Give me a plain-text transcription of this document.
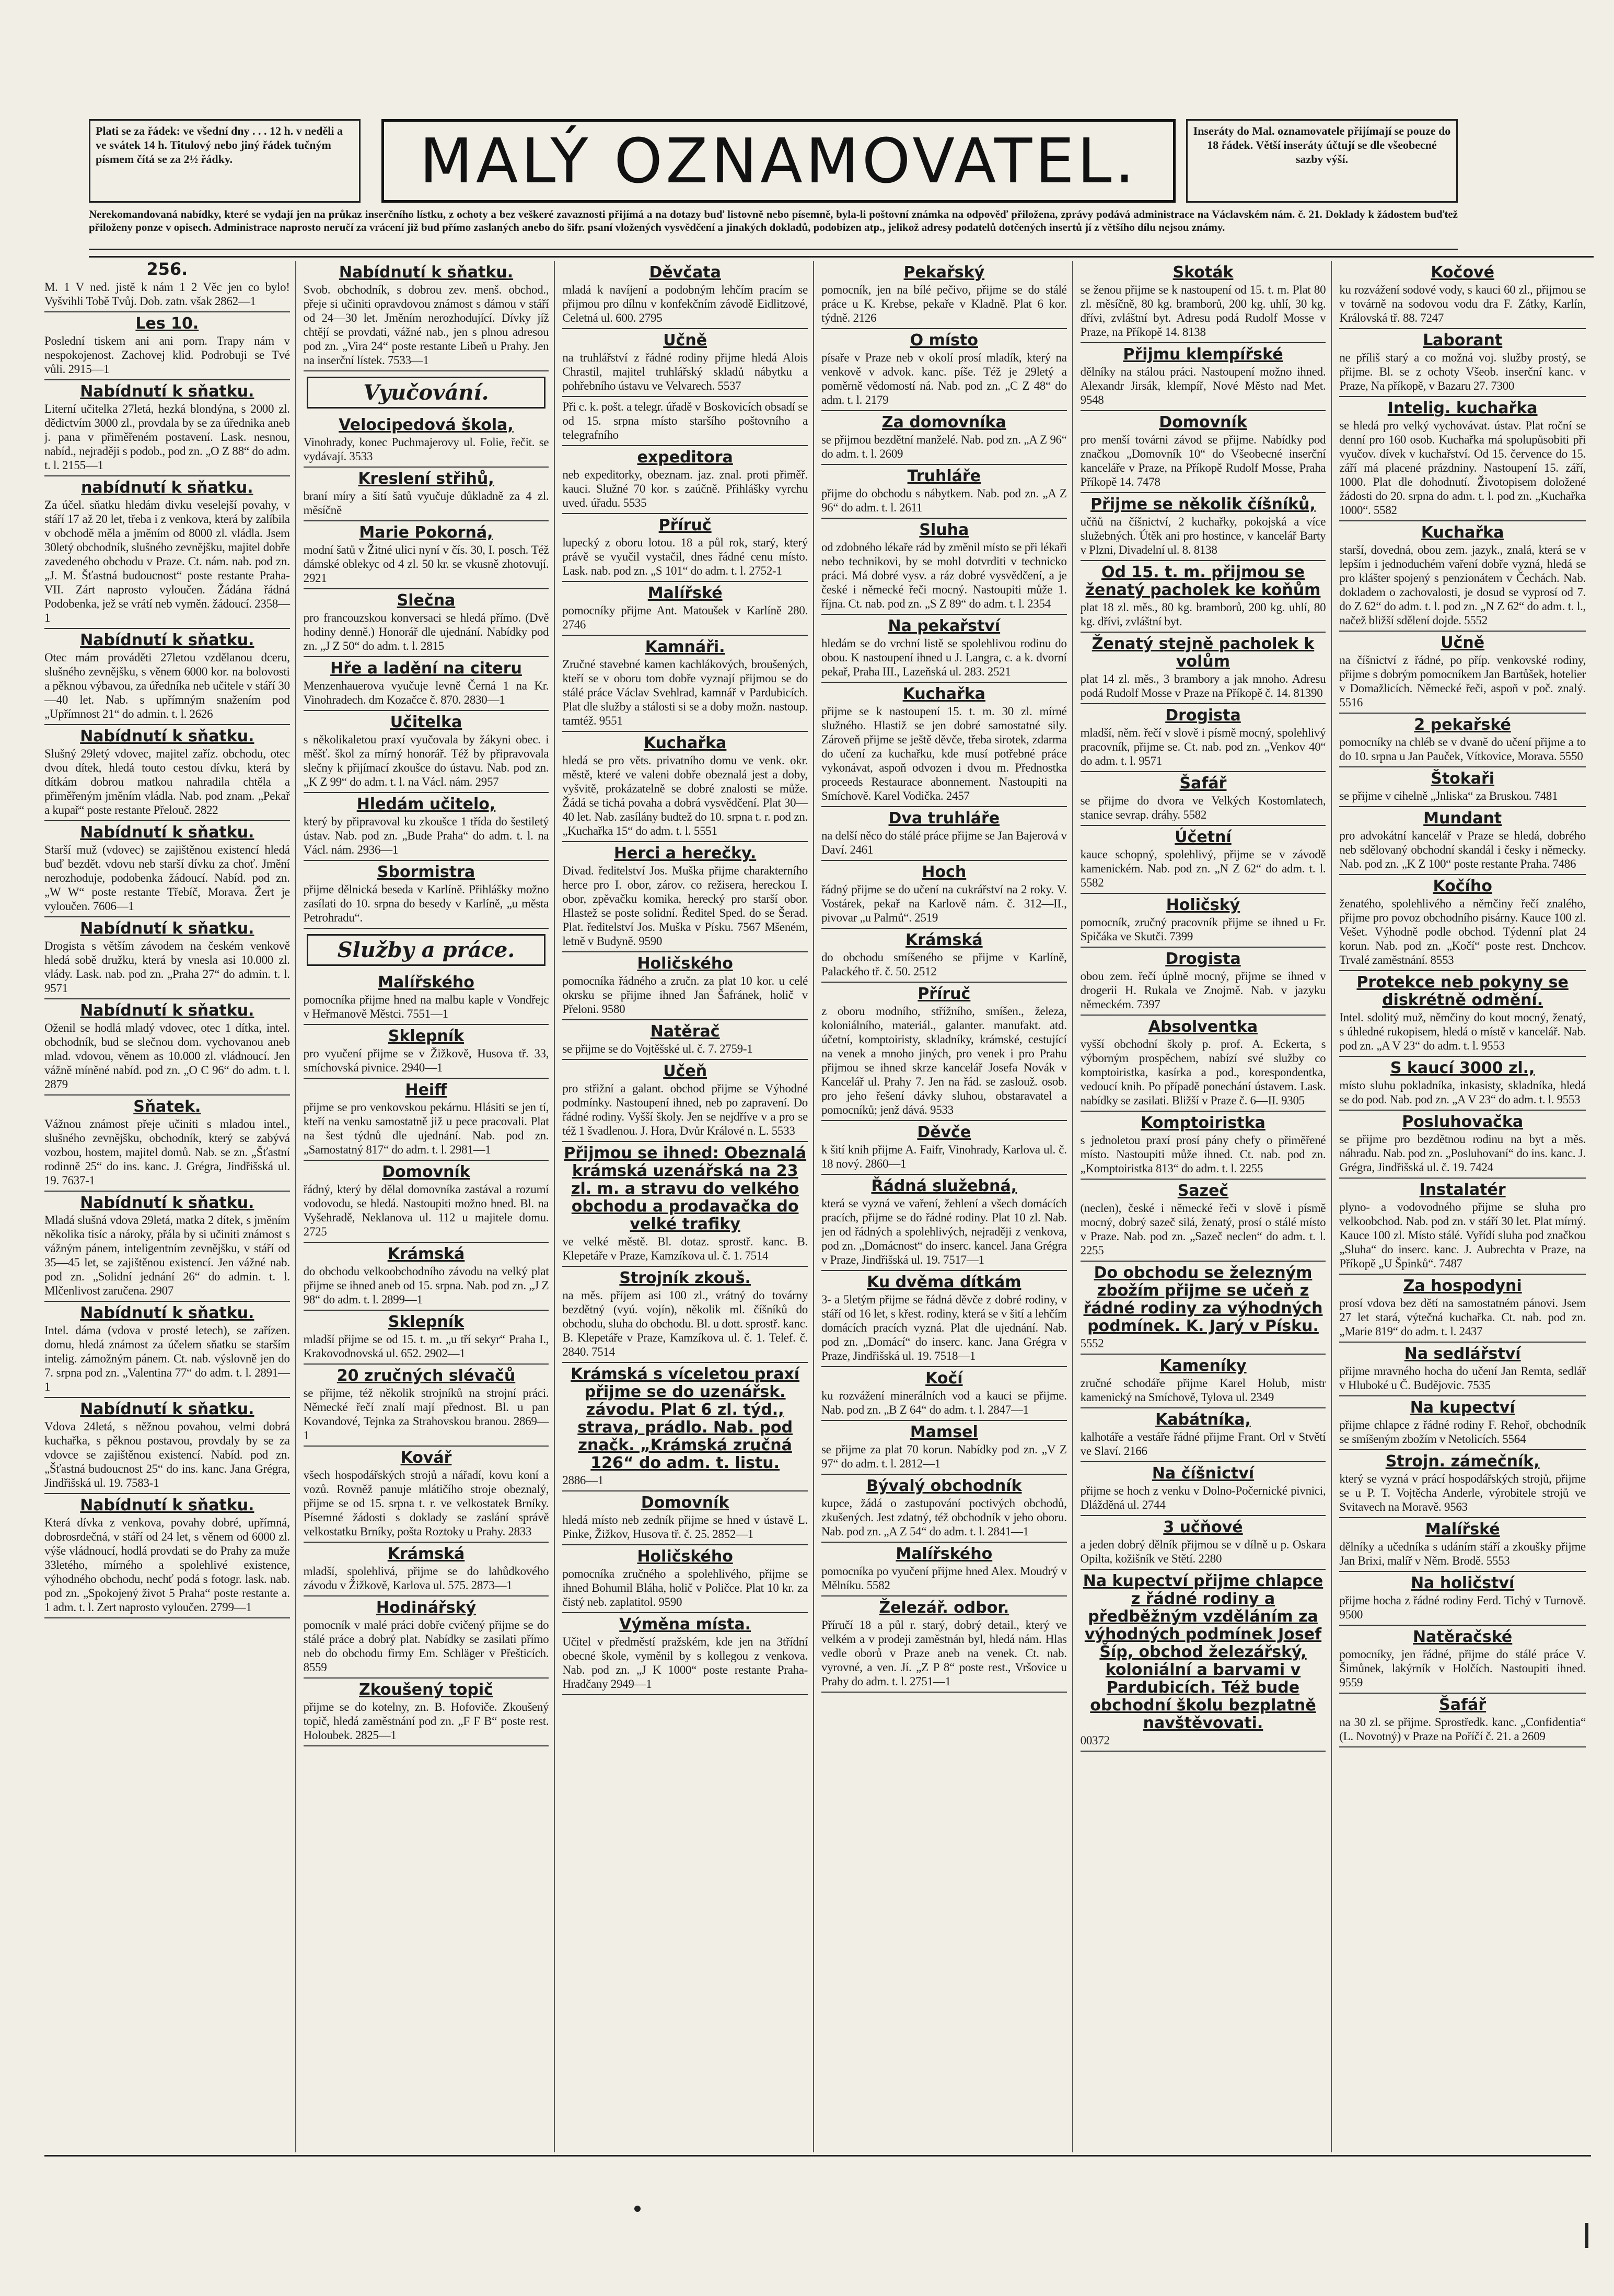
Plati se za řádek: ve všední dny . . . 12 h. v neděli a ve svátek 14 h. Titulový nebo jiný řádek tučným písmem čítá se za 2½ řádky.	MALÝ OZNAMOVATEL.	Inseráty do Mal. oznamovatele přijímají se pouze do 18 řádek. Větší inseráty účtují se dle všeobecné sazby výší.
Nerekomandovaná nabídky, které se vydají jen na průkaz inserčního lístku, z ochoty a bez veškeré zavaznosti přijímá a na dotazy buď listovně nebo písemně, byla-li poštovní známka na odpověď přiložena, zprávy podává administrace na Václavském nám. č. 21. Doklady k žádostem buďtež přiloženy ponze v opisech. Administrace naprosto neručí za vrácení již bud přímo zaslaných anebo do šifr. psaní vložených vysvědčení a jinakých dokladů, podobizen atp., jelikož adresy podatelů dotčených insertů jí z většího dílu nejsou známy.
256.

M. 1 V ned. jistě k nám 1 2 Věc jen co bylo! Vyšvihli Tobě Tvůj. Dob. zatn. však 2862—1

Les 10.

Poslední tiskem ani ani porn. Trapy nám v nespokojenost. Zachovej klid. Podrobuji se Tvé vůli. 2915—1

Nabídnutí k sňatku.

Literní učitelka 27letá, hezká blondýna, s 2000 zl. dědictvím 3000 zl., provdala by se za úřednika aneb j. pana v přiměřeném postavení. Lask. nesnou, nabíd., nejraději s podob., pod zn. „O Z 88“ do adm. t. l. 2155—1

nabídnutí k sňatku.

Za účel. sňatku hledám divku veselejší povahy, v stáří 17 až 20 let, třeba i z venkova, která by zalíbila v obchodě měla a jměním od 8000 zl. vládla. Jsem 30letý obchodník, slušného zevnějšku, majitel dobře zavedeného obchodu v Praze. Ct. nám. nab. pod zn. „J. M. Šťastná budoucnost“ poste restante Praha-VII. Zárt naprosto vyloučen. Žádána řádná Podobenka, jež se vrátí neb vyměn. žádoucí. 2358—1

Nabídnutí k sňatku.

Otec mám prováděti 27letou vzdělanou dceru, slušného zevnějšku, s věnem 6000 kor. na bolovosti a pěknou výbavou, za úředníka neb učitele v stáří 30—40 let. Nab. s upřímným snažením pod „Upřímnost 21“ do admin. t. l. 2626

Nabídnutí k sňatku.

Slušný 29letý vdovec, majitel zaříz. obchodu, otec dvou dítek, hledá touto cestou dívku, která by dítkám dobrou matkou nahradila chtěla a přiměřeným jměním vládla. Nab. pod znam. „Pekař a kupař“ poste restante Přelouč. 2822

Nabídnutí k sňatku.

Starší muž (vdovec) se zajištěnou existencí hledá buď bezdět. vdovu neb starší dívku za choť. Jmění nerozhoduje, podobenka žádoucí. Nabíd. pod zn. „W W“ poste restante Třebíč, Morava. Žert je vyloučen. 7606—1

Nabídnutí k sňatku.

Drogista s větším závodem na českém venkově hledá sobě družku, která by vnesla asi 10.000 zl. vlády. Lask. nab. pod zn. „Praha 27“ do admin. t. l. 9571

Nabídnutí k sňatku.

Oženil se hodlá mladý vdovec, otec 1 dítka, intel. obchodník, bud se slečnou dom. vychovanou aneb mlad. vdovou, věnem as 10.000 zl. vládnoucí. Jen vážně míněné nabíd. pod zn. „O C 96“ do adm. t. l. 2879

Sňatek.

Vážnou známost přeje učiniti s mladou intel., slušného zevnějšku, obchodník, který se zabývá vozbou, hostem, majitel domů. Nab. se zn. „Šťastní rodinně 25“ do ins. kanc. J. Grégra, Jindřišská ul. 19. 7637-1

Nabídnutí k sňatku.

Mladá slušná vdova 29letá, matka 2 dítek, s jměním několika tisíc a nároky, přála by si učiniti známost s vážným pánem, inteligentním zevnějšku, v stáří od 35—45 let, se zajištěnou existencí. Jen vážné nab. pod zn. „Solidní jednání 26“ do admin. t. l. Mlčenlivost zaručena. 2907

Nabídnutí k sňatku.

Intel. dáma (vdova v prosté letech), se zařízen. domu, hledá známost za účelem sňatku se starším intelig. zámožným pánem. Ct. nab. výslovně jen do 7. srpna pod zn. „Valentina 77“ do adm. t. l. 2891—1

Nabídnutí k sňatku.

Vdova 24letá, s něžnou povahou, velmi dobrá kuchařka, s pěknou postavou, provdaly by se za vdovce se zajištěnou existencí. Nabíd. pod zn. „Šťastná budoucnost 25“ do ins. kanc. Jana Grégra, Jindřišská ul. 19. 7583-1

Nabídnutí k sňatku.

Která dívka z venkova, povahy dobré, upřímná, dobrosrdečná, v stáří od 24 let, s věnem od 6000 zl. výše vládnoucí, hodlá provdati se do Prahy za muže 33letého, mírného a spolehlivé existence, výhodného obchodu, nechť podá s fotogr. lask. nab. pod zn. „Spokojený život 5 Praha“ poste restante a. 1 adm. t. l. Zert naprosto vyloučen. 2799—1

Nabídnutí k sňatku.

Svob. obchodník, s dobrou zev. menš. obchod., přeje si učiniti opravdovou známost s dámou v stáří od 24—30 let. Jměním nerozhodující. Dívky jíž chtějí se provdati, vážné nab., jen s plnou adresou pod zn. „Vira 24“ poste restante Libeň u Prahy. Jen na inserční lístek. 7533—1

Vyučování.
Velocipedová škola,

Vinohrady, konec Puchmajerovy ul. Folie, řečit. se vydávají. 3533

Kreslení střihů,

braní míry a šití šatů vyučuje důkladně za 4 zl. měsíčně

Marie Pokorná,

modní šatů v Žitné ulici nyní v čís. 30, I. posch. Též dámské oblekyc od 4 zl. 50 kr. se vkusně zhotovují. 2921

Slečna

pro francouzskou konversaci se hledá přímo. (Dvě hodiny denně.) Honorář dle ujednání. Nabídky pod zn. „J Z 50“ do adm. t. l. 2815

Hře a ladění na citeru

Menzenhauerova vyučuje levně Černá 1 na Kr. Vinohradech. dm Kozačce č. 870. 2830—1

Učitelka

s několikaletou praxí vyučovala by žákyni obec. i měšť. škol za mírný honorář. Též by připravovala slečny k přijímací zkoušce do ústavu. Nab. pod zn. „K Z 99“ do adm. t. l. na Václ. nám. 2957

Hledám učitelo,

který by připravoval ku zkoušce 1 třída do šestiletý ústav. Nab. pod zn. „Bude Praha“ do adm. t. l. na Václ. nám. 2936—1

Sbormistra

přijme dělnická beseda v Karlíně. Přihlášky možno zasílati do 10. srpna do besedy v Karlíně, „u města Petrohradu“.

Služby a práce.
Malířského

pomocníka přijme hned na malbu kaple v Vondřejc v Heřmanově Městci. 7551—1

Sklepník

pro vyučení přijme se v Žižkově, Husova tř. 33, smíchovská pivnice. 2940—1

Heiff

přijme se pro venkovskou pekárnu. Hlásiti se jen tí, kteří na venku samostatně již u pece pracovali. Plat na šest týdnů dle ujednání. Nab. pod zn. „Samostatný 817“ do adm. t. l. 2981—1

Domovník

řádný, který by dělal domovníka zastával a rozumí vodovodu, se hledá. Nastoupiti možno hned. Bl. na Vyšehradě, Neklanova ul. 112 u majitele domu. 2725

Krámská

do obchodu velkoobchodního závodu na velký plat přijme se ihned aneb od 15. srpna. Nab. pod zn. „J Z 98“ do adm. t. l. 2899—1

Sklepník

mladší přijme se od 15. t. m. „u tří sekyr“ Praha I., Krakovodnovská ul. 652. 2902—1

20 zručných slévačů

se přijme, též několik strojníků na strojní práci. Německé řečí znalí mají přednost. Bl. u pan Kovandové, Tejnka za Strahovskou branou. 2869—1

Kovář

všech hospodářských strojů a nářadí, kovu koní a vozů. Rovněž panuje mlátičího stroje obeznalý, přijme se od 15. srpna t. r. ve velkostatek Brníky. Písemné žádosti s doklady se zaslání správě velkostatku Brníky, pošta Roztoky u Prahy. 2833

Krámská

mladší, spolehlivá, přijme se do lahůdkového závodu v Žižkově, Karlova ul. 575. 2873—1

Hodinářský

pomocník v malé práci dobře cvičený přijme se do stálé práce a dobrý plat. Nabídky se zasilati přímo neb do obchodu firmy Em. Schläger v Přešticích. 8559

Zkoušený topič

přijme se do kotelny, zn. B. Hofoviče. Zkoušený topič, hledá zaměstnání pod zn. „F F B“ poste rest. Holoubek. 2825—1

Děvčata

mladá k navíjení a podobným lehčím pracím se přijmou pro dílnu v konfekčním závodě Eidlitzové, Celetná ul. 600. 2795

Učně

na truhlářství z řádné rodiny přijme hledá Alois Chrastil, majitel truhlářský skladů nábytku a pohřebního ústavu ve Velvarech. 5537

Při c. k. pošt. a telegr. úřadě v Boskovicích obsadí se od 15. srpna místo staršího poštovního a telegrafního

expeditora

neb expeditorky, obeznam. jaz. znal. proti přiměř. kauci. Služné 70 kor. s zaúčně. Přihlášky vyrchu uved. úřadu. 5535

Příruč

lupecký z oboru lotou. 18 a půl rok, starý, který právě se vyučil vystačil, dnes řádné cenu místo. Lask. nab. pod zn. „S 101“ do adm. t. l. 2752-1

Malířské

pomocníky přijme Ant. Matoušek v Karlíně 280. 2746

Kamnáři.

Zručné stavebné kamen kachlákových, broušených, kteří se v oboru tom dobře vyznají přijmou se do stálé práce Václav Svehlrad, kamnář v Pardubicích. Plat dle služby a stálosti si se a doby možn. nastoup. tamtéž. 9551

Kuchařka

hledá se pro věts. privatního domu ve venk. okr. městě, které ve valeni dobře obeznalá jest a doby, vyšvitě, prokázatelně se dobré znalosti se může. Žádá se tichá povaha a dobrá vysvědčení. Plat 30—40 let. Nab. zasílány budtež do 10. srpna t. r. pod zn. „Kuchařka 15“ do adm. t. l. 5551

Herci a herečky.

Divad. ředitelství Jos. Muška přijme charakterního herce pro I. obor, zárov. co režisera, hereckou I. obor, zpěvačku komika, herecký pro starší obor. Hlastež se poste solidní. Ředitel Sped. do se Šerad. Plat. ředitelství Jos. Muška v Písku. 7567 Mšeném, letně v Budyně. 9590

Holičského

pomocníka řádného a zručn. za plat 10 kor. u celé okrsku se přijme ihned Jan Šafránek, holič v Přeloni. 9580

Natěrač

se přijme se do Vojtěšské ul. č. 7. 2759-1

Učeň

pro střižní a galant. obchod přijme se Výhodné podmínky. Nastoupení ihned, neb po zapravení. Do řádné rodiny. Vyšší školy. Jen se nejdříve v a pro se též 1 švadlenou. J. Hora, Dvůr Králové n. L. 5533

Přijmou se ihned: Obeznalá krámská uzenářská na 23 zl. m. a stravu do velkého obchodu a prodavačka do velké trafiky

ve velké městě. Bl. dotaz. sprostř. kanc. B. Klepetáře v Praze, Kamzíkova ul. č. 1. 7514

Strojník zkouš.

na měs. příjem asi 100 zl., vrátný do továrny bezdětný (vyú. vojín), několik ml. číšníků do obchodu, sluha do obchodu. Bl. u dott. sprostř. kanc. B. Klepetáře v Praze, Kamzíkova ul. č. 1. Telef. č. 2840. 7514

Krámská s víceletou praxí přijme se do uzenářsk. závodu. Plat 6 zl. týd., strava, prádlo. Nab. pod značk. „Krámská zručná 126“ do adm. t. listu.

2886—1

Domovník

hledá místo neb zedník přijme se hned v ústavě L. Pinke, Žižkov, Husova tř. č. 25. 2852—1

Holičského

pomocníka zručného a spolehlivého, přijme se ihned Bohumil Bláha, holič v Poličce. Plat 10 kr. za čistý neb. zaplatitol. 9590

Výměna místa.

Učitel v předměstí pražském, kde jen na 3třídní obecné škole, vyměnil by s kollegou z venkova. Nab. pod zn. „J K 1000“ poste restante Praha-Hradčany 2949—1

Pekařský

pomocník, jen na bílé pečivo, přijme se do stálé práce u K. Krebse, pekaře v Kladně. Plat 6 kor. týdně. 2126

O místo

písaře v Praze neb v okolí prosí mladík, který na venkově v advok. kanc. píše. Též je 29letý a poměrně vědomostí ná. Nab. pod zn. „C Z 48“ do adm. t. l. 2179

Za domovníka

se přijmou bezdětní manželé. Nab. pod zn. „A Z 96“ do adm. t. l. 2609

Truhláře

přijme do obchodu s nábytkem. Nab. pod zn. „A Z 96“ do adm. t. l. 2611

Sluha

od zdobného lékaře rád by změnil místo se při lékaři nebo technikovi, by se mohl dotvrditi v technicko práci. Má dobré vysv. a ráz dobré vysvědčení, a je české i německé řeči mocný. Nastoupiti může 1. října. Ct. nab. pod zn. „S Z 89“ do adm. t. l. 2354

Na pekařství

hledám se do vrchní listě se spolehlivou rodinu do obou. K nastoupení ihned u J. Langra, c. a k. dvorní pekař, Praha III., Lazeňská ul. 283. 2521

Kuchařka

přijme se k nastoupení 15. t. m. 30 zl. mírné služného. Hlastiž se jen dobré samostatné sily. Zároveň přijme se ještě děvče, třeba sirotek, zdarma do učení za kuchařku, kde musí potřebné práce vykonávat, aspoň odvozen i dvou m. Přednostka proceeds Restaurace abonnement. Nastoupiti na Smíchově. Karel Vodička. 2457

Dva truhláře

na delší něco do stálé práce přijme se Jan Bajerová v Daví. 2461

Hoch

řádný přijme se do učení na cukrářství na 2 roky. V. Vostárek, pekař na Karlově nám. č. 312—II., pivovar „u Palmů“. 2519

Krámská

do obchodu smíšeného se přijme v Karlíně, Palackého tř. č. 50. 2512

Příruč

z oboru modního, střížního, smíšen., železa, koloniálního, materiál., galanter. manufakt. atd. účetní, komptoiristy, skladníky, krámské, cestující na venek a mnoho jiných, pro venek i pro Prahu přijmou se ihned skrze kancelář Josefa Novák v Kancelář ul. Prahy 7. Jen na řád. se zaslouž. osob. pro jeho řešení dávky sluhou, obstaravatel a pomocníků; jenž dává. 9533

Děvče

k šití knih přijme A. Faifr, Vinohrady, Karlova ul. č. 18 nový. 2860—1

Řádná služebná,

která se vyzná ve vaření, žehlení a všech domácích pracích, přijme se do řádné rodiny. Plat 10 zl. Nab. jen od řádných a spolehlivých, nejraději z venkova, pod zn. „Domácnost“ do inserc. kancel. Jana Grégra v Praze, Jindřišská ul. 19. 7517—1

Ku dvěma dítkám

3- a 5letým přijme se řádná děvče z dobré rodiny, v stáří od 16 let, s křest. rodiny, která se v šití a lehčím domácích pracích vyzná. Plat dle ujednání. Nab. pod zn. „Domácí“ do inserc. kanc. Jana Grégra v Praze, Jindřišská ul. 19. 7518—1

Kočí

ku rozvážení minerálních vod a kauci se přijme. Nab. pod zn. „B Z 64“ do adm. t. l. 2847—1

Mamsel

se přijme za plat 70 korun. Nabídky pod zn. „V Z 97“ do adm. t. l. 2812—1

Bývalý obchodník

kupce, žádá o zastupování poctivých obchodů, zkušených. Jest zdatný, též obchodník v jeho oboru. Nab. pod zn. „A Z 54“ do adm. t. l. 2841—1

Malířského

pomocníka po vyučení přijme hned Alex. Moudrý v Mělníku. 5582

Železář. odbor.

Příručí 18 a půl r. starý, dobrý detail., který ve velkém a v prodeji zaměstnán byl, hledá nám. Hlas vedle oborů v Praze aneb na venek. Ct. nab. vyrovné, a ven. Jí. „Z P 8“ poste rest., Vršovice u Prahy do adm. t. l. 2751—1

Skoták

se ženou přijme se k nastoupení od 15. t. m. Plat 80 zl. měsíčně, 80 kg. bramborů, 200 kg. uhlí, 30 kg. dřívi, zvláštní byt. Adresu podá Rudolf Mosse v Praze, na Příkopě 14. 8138

Přijmu klempířské

dělníky na stálou práci. Nastoupení možno ihned. Alexandr Jirsák, klempíř, Nové Město nad Met. 9548

Domovník

pro menší továrni závod se přijme. Nabídky pod značkou „Domovník 10“ do Všeobecné inserční kanceláře v Praze, na Příkopě Rudolf Mosse, Praha Příkopě 14. 7478

Přijme se několik číšníků,

učňů na číšnictví, 2 kuchařky, pokojská a více služebných. Útěk ani pro hostince, v kancelář Barty v Plzni, Divadelní ul. 8. 8138

Od 15. t. m. přijmou se ženatý pacholek ke koňům

plat 18 zl. měs., 80 kg. bramborů, 200 kg. uhlí, 80 kg. dřívi, zvláštní byt.

Ženatý stejně pacholek k volům

plat 14 zl. měs., 3 brambory a jak mnoho. Adresu podá Rudolf Mosse v Praze na Příkopě č. 14. 81390

Drogista

mladší, něm. řečí v slově i písmě mocný, spolehlivý pracovník, přijme se. Ct. nab. pod zn. „Venkov 40“ do adm. t. l. 9571

Šafář

se přijme do dvora ve Velkých Kostomlatech, stanice sevrap. dráhy. 5582

Účetní

kauce schopný, spolehlivý, přijme se v závodě kamenickém. Nab. pod zn. „N Z 62“ do adm. t. l. 5582

Holičský

pomocník, zručný pracovník přijme se ihned u Fr. Spičáka ve Skutči. 7399

Drogista

obou zem. řečí úplně mocný, přijme se ihned v drogerii H. Rukala ve Znojmě. Nab. v jazyku německém. 7397

Absolventka

vyšší obchodní školy p. prof. A. Eckerta, s výborným prospěchem, nabízí své služby co komptoiristka, kasírka a pod., korespondentka, vedoucí knih. Po případě ponechání ústavem. Lask. nabídky se zasilati. Bližší v Praze č. 6—II. 9305

Komptoiristka

s jednoletou praxí prosí pány chefy o přiměřené místo. Nastoupiti může ihned. Ct. nab. pod zn. „Komptoiristka 813“ do adm. t. l. 2255

Sazeč

(neclen), české i německé řeči v slově i písmě mocný, dobrý sazeč silá, ženatý, prosí o stálé místo v Praze. Nab. pod zn. „Sazeč neclen“ do adm. t. l. 2255

Do obchodu se železným zbožím přijme se učeň z řádné rodiny za výhodných podmínek. K. Jarý v Písku.

5552

Kameníky

zručné schodáře přijme Karel Holub, mistr kamenický na Smíchově, Tylova ul. 2349

Kabátníka,

kalhotáře a vestáře řádné přijme Frant. Orl v Stvětí ve Slaví. 2166

Na číšnictví

přijme se hoch z venku v Dolno-Počernické pivnici, Dlážděná ul. 2744

3 učňové

a jeden dobrý dělník přijmou se v dílně u p. Oskara Opilta, kožišník ve Stětí. 2280

Na kupectví přijme chlapce z řádné rodiny a předběžným vzděláním za výhodných podmínek Josef Šíp, obchod železářský, koloniální a barvami v Pardubicích. Též bude obchodní školu bezplatně navštěvovati.

00372

Kočové

ku rozvážení sodové vody, s kauci 60 zl., přijmou se v továrně na sodovou vodu dra F. Zátky, Karlín, Královská tř. 88. 7247

Laborant

ne příliš starý a co možná voj. služby prostý, se přijme. Bl. se z ochoty Všeob. inserční kanc. v Praze, Na příkopě, v Bazaru 27. 7300

Intelig. kuchařka

se hledá pro velký vychovávat. ústav. Plat roční se denní pro 160 osob. Kuchařka má spolupůsobiti při vyučov. dívek v kuchařství. Od 15. července do 15. září má placené prázdniny. Nastoupení 15. září, 1000. Plat dle dohodnutí. Životopisem doložené žádosti do 20. srpna do adm. t. l. pod zn. „Kuchařka 1000“. 5582

Kuchařka

starší, dovedná, obou zem. jazyk., znalá, která se v lepším i jednoduchém vaření dobře vyzná, hledá se pro klášter spojený s penzionátem v Čechách. Nab. dokladem o zachovalosti, je dosud se vyprosí od 7. do Z 62“ do adm. t. l. pod zn. „N Z 62“ do adm. t. l., načež bližší sdělení dojde. 5552

Učně

na číšnictví z řádné, po příp. venkovské rodiny, přijme s dobrým pomocníkem Jan Bartůšek, hotelier v Domažlicích. Německé řeči, aspoň v poč. znalý. 5516

2 pekařské

pomocníky na chléb se v dvaně do učení přijme a to do 10. srpna u Jan Pauček, Vítkovice, Morava. 5550

Štokaři

se přijme v cihelně „Jnliska“ za Bruskou. 7481

Mundant

pro advokátní kancelář v Praze se hledá, dobrého neb sdělovaný obchodní skandál i česky i německy. Nab. pod zn. „K Z 100“ poste restante Praha. 7486

Kočího

ženatého, spolehlivého a němčiny řečí znalého, přijme pro povoz obchodního pisárny. Kauce 100 zl. Vešet. Výhodně podle obchod. Týdenní plat 24 korun. Nab. pod zn. „Kočí“ poste rest. Dnchcov. Trvalé zaměstnání. 8553

Protekce neb pokyny se diskrétně odmění.

Intel. sdolitý muž, němčiny do kout mocný, ženatý, s úhledné rukopisem, hledá o místě v kancelář. Nab. pod zn. „A V 23“ do adm. t. l. 9553

S kaucí 3000 zl.,

místo sluhu pokladníka, inkasisty, skladníka, hledá se do pod. Nab. pod zn. „A V 23“ do adm. t. l. 9553

Posluhovačka

se přijme pro bezdětnou rodinu na byt a měs. náhradu. Nab. pod zn. „Posluhovaní“ do ins. kanc. J. Grégra, Jindřišská ul. č. 19. 7424

Instalatér

plyno- a vodovodného přijme se sluha pro velkoobchod. Nab. pod zn. v stáří 30 let. Plat mírný. Kauce 100 zl. Místo stálé. Vyřídí sluha pod značkou „Sluha“ do inserc. kanc. J. Aubrechta v Praze, na Příkopě „U Špinků“. 7487

Za hospodyni

prosí vdova bez dětí na samostatném pánovi. Jsem 27 let stará, výtečná kuchařka. Ct. nab. pod zn. „Marie 819“ do adm. t. l. 2437

Na sedlářství

přijme mravného hocha do učení Jan Remta, sedlář v Hluboké u Č. Budějovic. 7535

Na kupectví

přijme chlapce z řádné rodiny F. Rehoř, obchodník se smíšeným zbožím v Netolicích. 5564

Strojn. zámečník,

který se vyzná v prácí hospodářských strojů, přijme se u P. T. Vojtěcha Anderle, výrobitele strojů ve Svitavech na Moravě. 9563

Malířské

dělníky a učedníka s udáním stáří a zkoušky přijme Jan Brixi, malíř v Něm. Brodě. 5553

Na holičství

přijme hocha z řádné rodiny Ferd. Tichý v Turnově. 9500

Natěračské

pomocníky, jen řádné, přijme do stálé práce V. Šimůnek, lakýrník v Holčích. Nastoupiti ihned. 9559

Šafář

na 30 zl. se přijme. Sprostředk. kanc. „Confidentia“ (L. Novotný) v Praze na Poříčí č. 21. a 2609
